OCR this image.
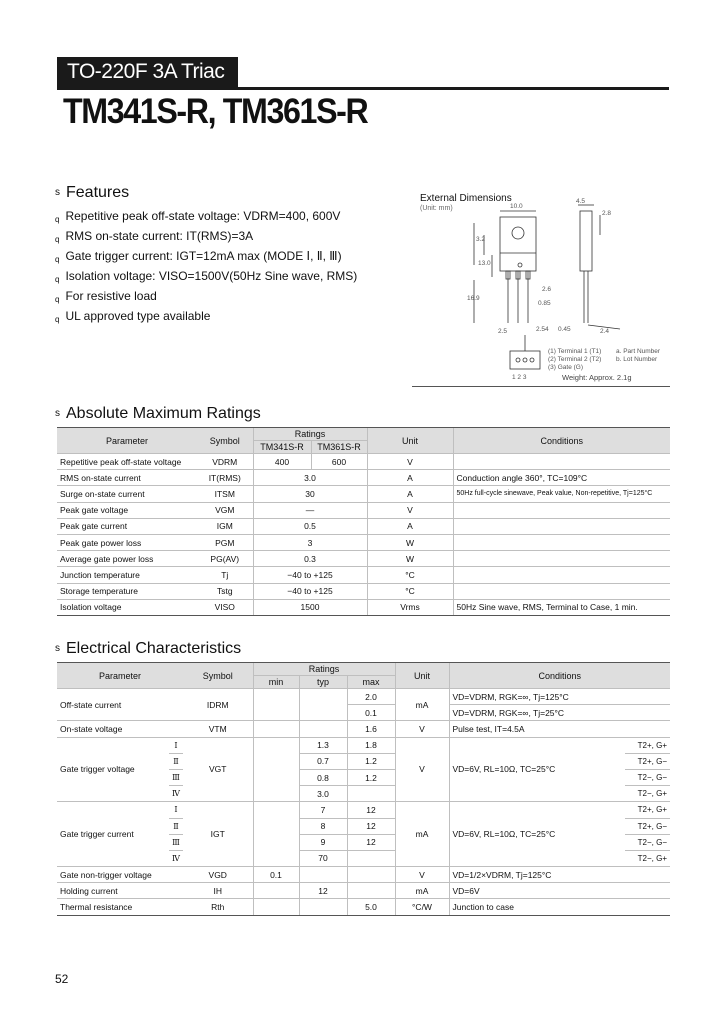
TO-220F 3A Triac
TM341S-R, TM361S-R
s Features
q Repetitive peak off-state voltage: VDRM=400, 600V
q RMS on-state current: IT(RMS)=3A
q Gate trigger current: IGT=12mA max (MODE Ⅰ, Ⅱ, Ⅲ)
q Isolation voltage: VISO=1500V(50Hz Sine wave, RMS)
q For resistive load
q UL approved type available
External Dimensions
(Unit: mm)	10.0
4.5
2.8
3.2
16.9
13.0
0.85
2.54 0.45	2.4
2.5
2.6
(1) Terminal 1 (T1)
(2) Terminal 2 (T2)
(3) Gate (G)
a. Part Number
b. Lot Number
1 2 3	Weight: Approx. 2.1g
s Absolute Maximum Ratings
Parameter	Symbol	Ratings		Unit	Conditions
		TM341S-R	TM361S-R		
Repetitive peak off-state voltage	VDRM	400	600	V	
RMS on-state current	IT(RMS)	3.0		A	Conduction angle 360°, TC=109°C
Surge on-state current	ITSM	30		A	50Hz full-cycle sinewave, Peak value, Non-repetitive, Tj=125°C
Peak gate voltage	VGM	—		V	
Peak gate current	IGM	0.5		A	
Peak gate power loss	PGM	3		W	
Average gate power loss	PG(AV)	0.3		W	
Junction temperature	Tj	−40 to +125		°C	
Storage temperature	Tstg	−40 to +125		°C	
Isolation voltage	VISO	1500		Vrms	50Hz Sine wave, RMS, Terminal to Case, 1 min.
s Electrical Characteristics
Parameter		Symbol	Ratings			Unit	Conditions	
			min	typ	max			
Off-state current		IDRM			2.0	mA	VD=VDRM, RGK=∞, Tj=125°C	
					0.1		VD=VDRM, RGK=∞, Tj=25°C	
On-state voltage		VTM			1.6	V	Pulse test, IT=4.5A	
Gate trigger voltage	Ⅰ	VGT		1.3	1.8	V	VD=6V, RL=10Ω, TC=25°C	T2+, G+
	Ⅱ			0.7	1.2			T2+, G−
	Ⅲ			0.8	1.2			T2−, G−
	Ⅳ			3.0				T2−, G+
Gate trigger current	Ⅰ	IGT		7	12	mA	VD=6V, RL=10Ω, TC=25°C	T2+, G+
	Ⅱ			8	12			T2+, G−
	Ⅲ			9	12			T2−, G−
	Ⅳ			70				T2−, G+
Gate non-trigger voltage		VGD	0.1			V	VD=1/2×VDRM, Tj=125°C	
Holding current		IH		12		mA	VD=6V	
Thermal resistance		Rth			5.0	°C/W	Junction to case	
52
